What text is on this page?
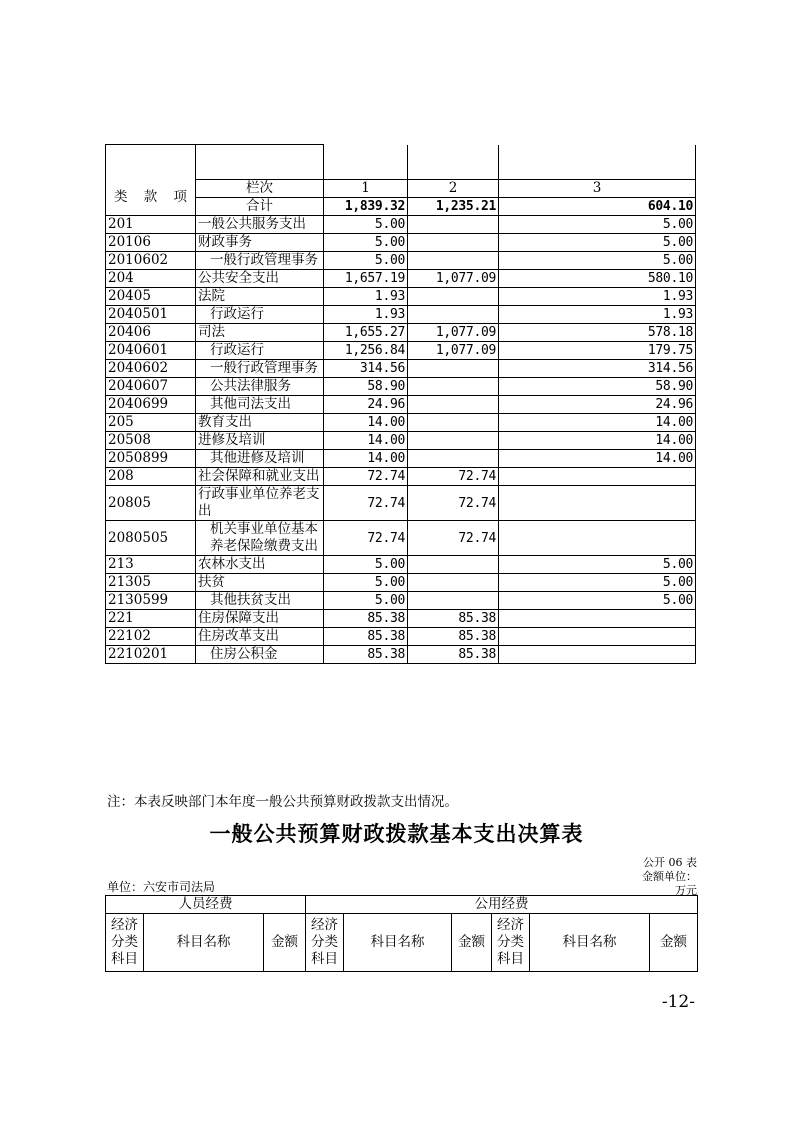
类	款	项	栏次	1	2	3
			合计	1,839.32	1,235.21	604.10
201			一般公共服务支出	5.00		5.00
20106			财政事务	5.00		5.00
2010602			一般行政管理事务	5.00		5.00
204			公共安全支出	1,657.19	1,077.09	580.10
20405			法院	1.93		1.93
2040501			行政运行	1.93		1.93
20406			司法	1,655.27	1,077.09	578.18
2040601			行政运行	1,256.84	1,077.09	179.75
2040602			一般行政管理事务	314.56		314.56
2040607			公共法律服务	58.90		58.90
2040699			其他司法支出	24.96		24.96
205			教育支出	14.00		14.00
20508			进修及培训	14.00		14.00
2050899			其他进修及培训	14.00		14.00
208			社会保障和就业支出	72.74	72.74	
20805			行政事业单位养老支出	72.74	72.74	
2080505			机关事业单位基本养老保险缴费支出	72.74	72.74	
213			农林水支出	5.00		5.00
21305			扶贫	5.00		5.00
2130599			其他扶贫支出	5.00		5.00
221			住房保障支出	85.38	85.38	
22102			住房改革支出	85.38	85.38	
2210201			住房公积金	85.38	85.38	
注：本表反映部门本年度一般公共预算财政拨款支出情况。
一般公共预算财政拨款基本支出决算表
公开 06 表
金额单位：
万元
单位：六安市司法局
人员经费			公用经费					
经济分类科目	科目名称	金额	经济分类科目	科目名称	金额	经济分类科目	科目名称	金额
-12-
